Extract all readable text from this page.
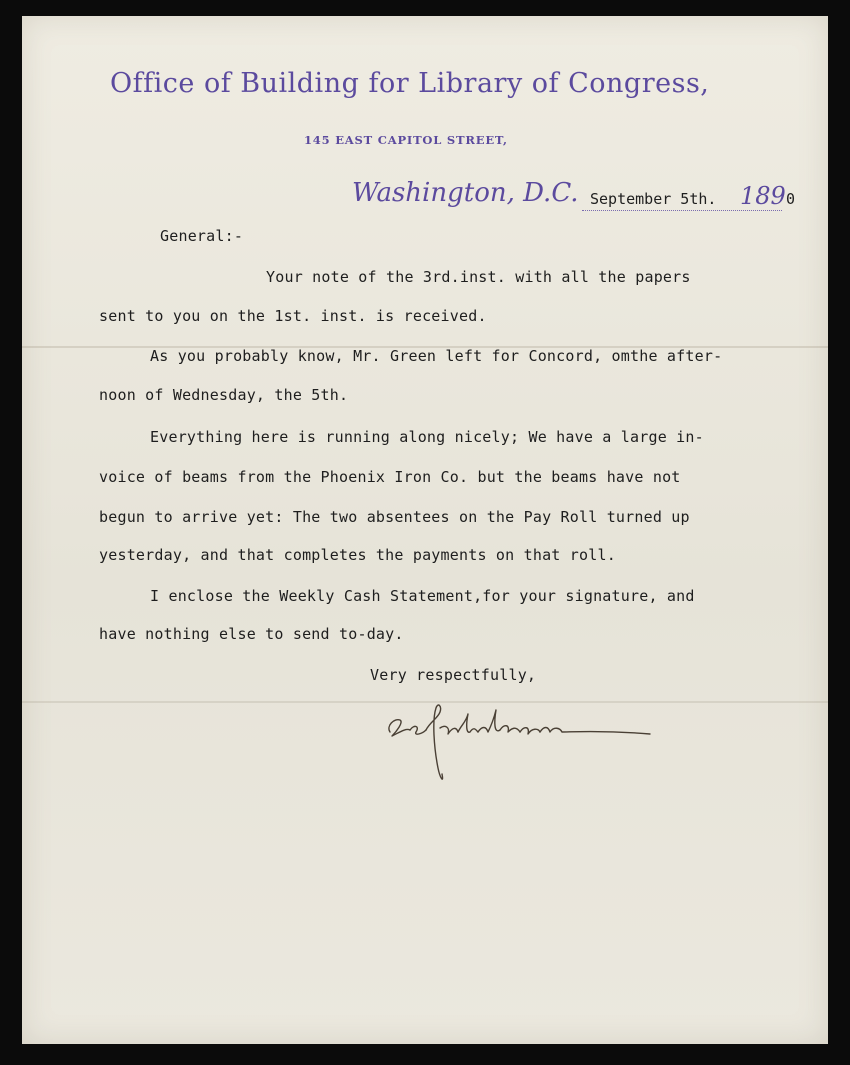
Office of Building for Library of Congress,
145 EAST CAPITOL STREET,
Washington, D.C. September 5th. 189 0
General:-
Your note of the 3rd.inst. with all the papers
sent to you on the 1st. inst. is received.
As you probably know, Mr. Green left for Concord, omthe after-
noon of Wednesday, the 5th.
Everything here is running along nicely; We have a large in-
voice of beams from the Phoenix Iron Co. but the beams have not
begun to arrive yet: The two absentees on the Pay Roll turned up
yesterday, and that completes the payments on that roll.
I enclose the Weekly Cash Statement,for your signature, and
have nothing else to send to-day.
Very respectfully,
